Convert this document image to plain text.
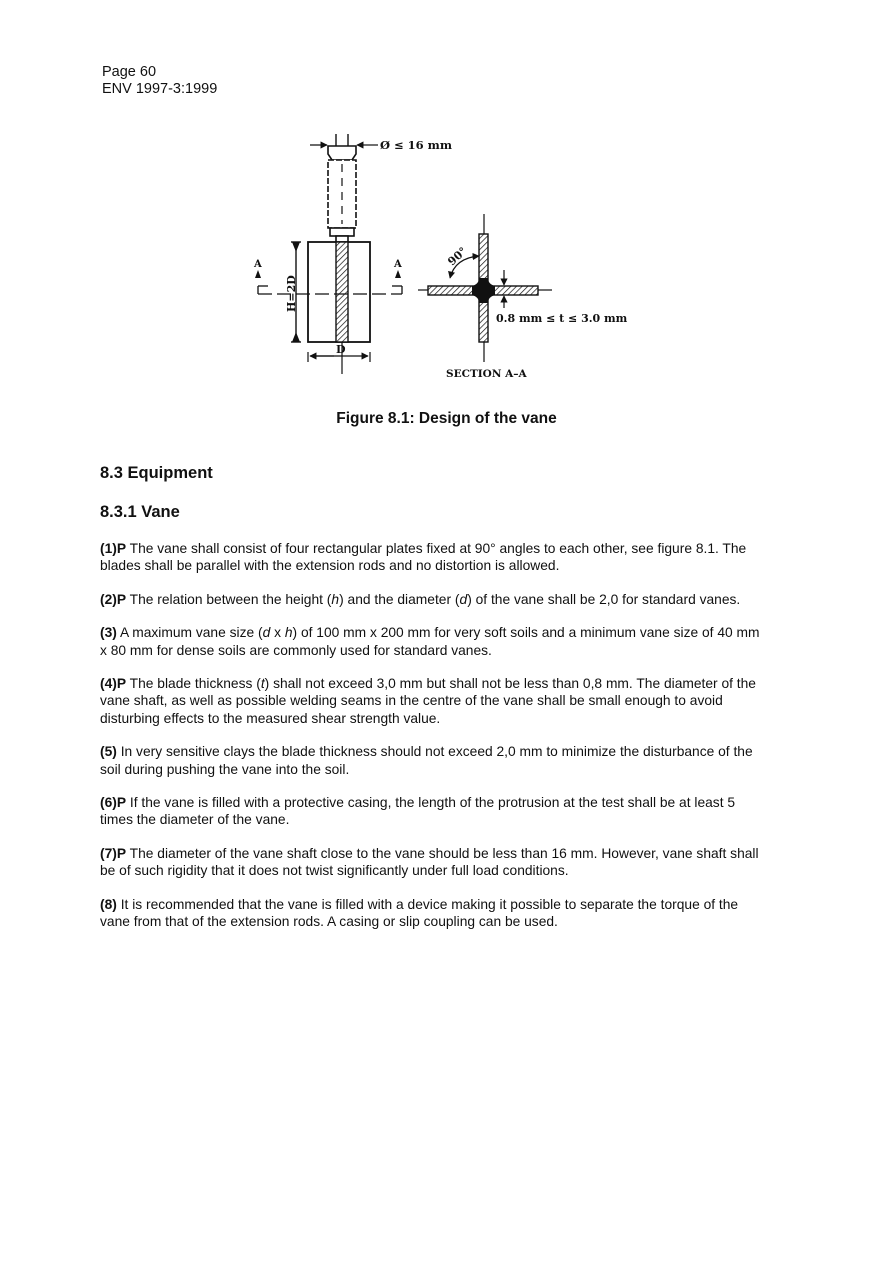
Page 60
ENV 1997-3:1999
Ø ≤ 16 mm
H=2D
D
A	A	90°
0.8 mm ≤ t ≤ 3.0 mm
SECTION A–A
Figure 8.1: Design of the vane
8.3 Equipment
8.3.1 Vane

(1)P The vane shall consist of four rectangular plates fixed at 90° angles to each other, see figure 8.1. The blades shall be parallel with the extension rods and no distortion is allowed.

(2)P The relation between the height (h) and the diameter (d) of the vane shall be 2,0 for standard vanes.

(3) A maximum vane size (d x h) of 100 mm x 200 mm for very soft soils and a minimum vane size of 40 mm x 80 mm for dense soils are commonly used for standard vanes.

(4)P The blade thickness (t) shall not exceed 3,0 mm but shall not be less than 0,8 mm. The diameter of the vane shaft, as well as possible welding seams in the centre of the vane shall be small enough to avoid disturbing effects to the measured shear strength value.

(5) In very sensitive clays the blade thickness should not exceed 2,0 mm to minimize the disturbance of the soil during pushing the vane into the soil.

(6)P If the vane is filled with a protective casing, the length of the protrusion at the test shall be at least 5 times the diameter of the vane.

(7)P The diameter of the vane shaft close to the vane should be less than 16 mm. However, vane shaft shall be of such rigidity that it does not twist significantly under full load conditions.

(8) It is recommended that the vane is filled with a device making it possible to separate the torque of the vane from that of the extension rods. A casing or slip coupling can be used.
